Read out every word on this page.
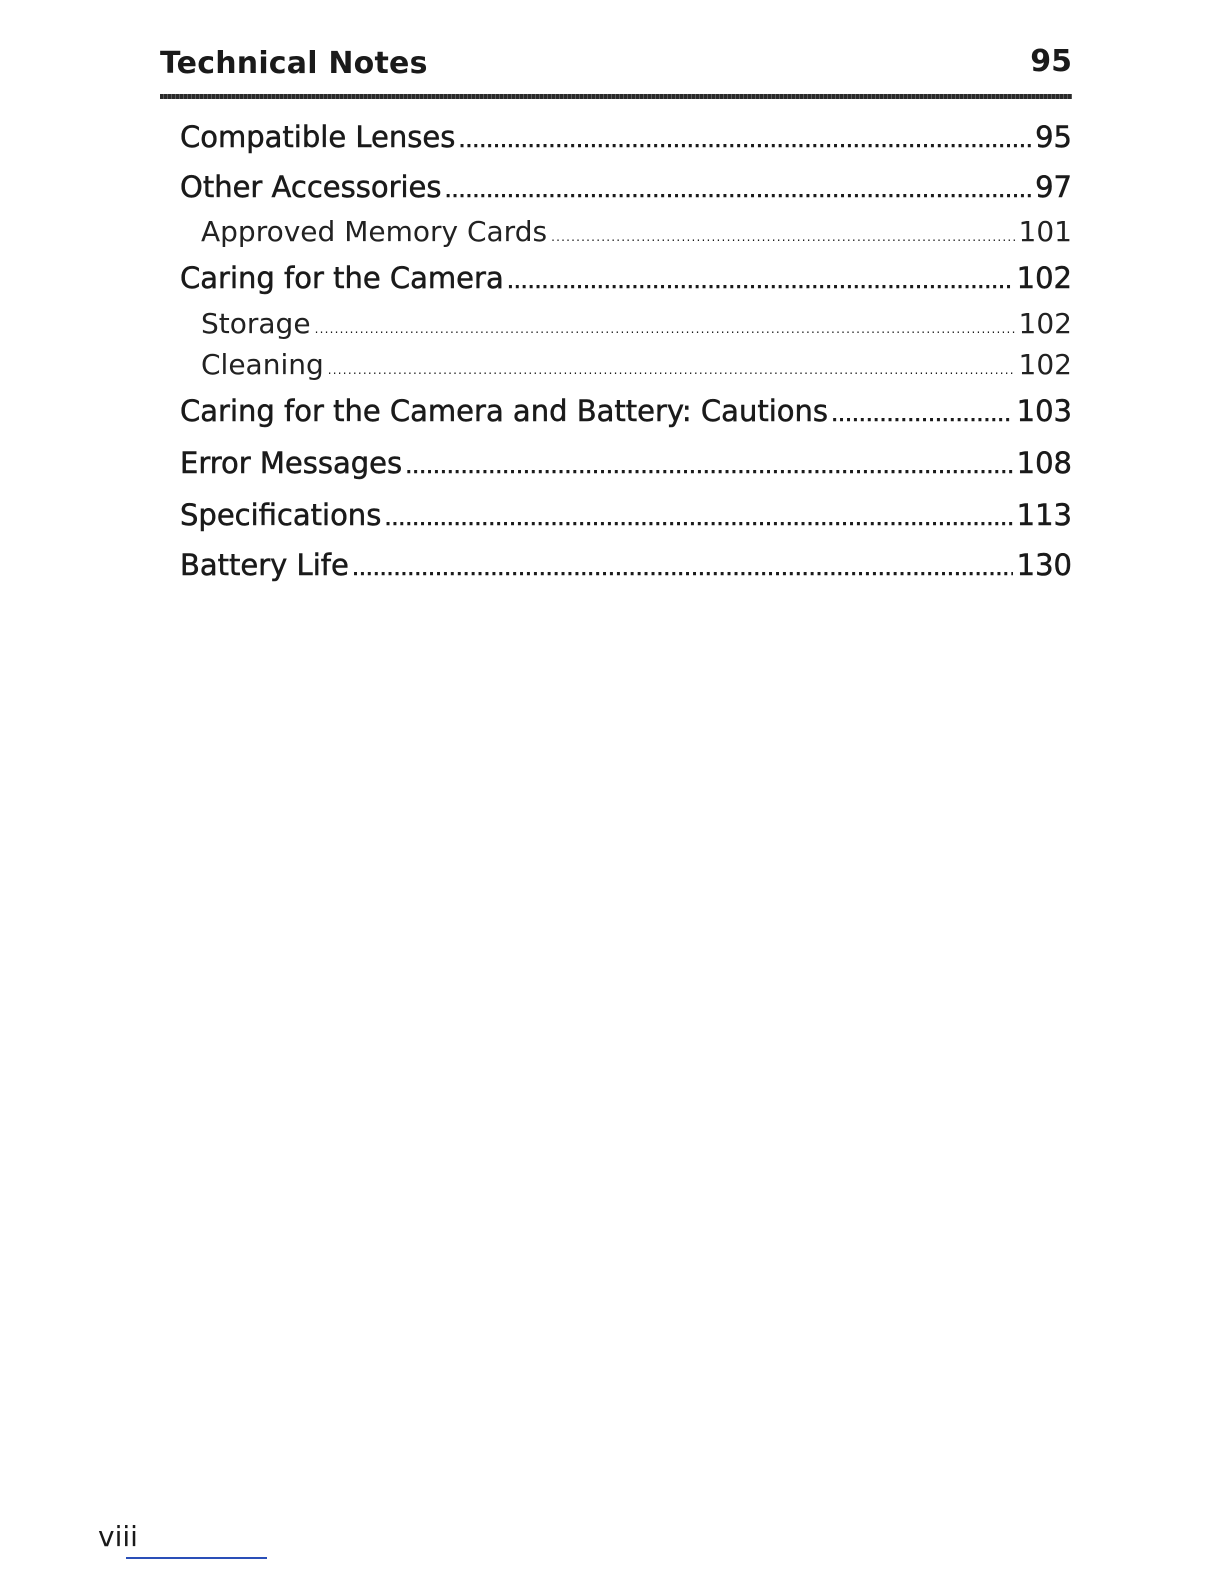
Technical Notes	95
Compatible Lenses .....	95
Other Accessories .....	97
Approved Memory Cards .....	101
Caring for the Camera .....	102
Storage .....	102
Cleaning .....	102
Caring for the Camera and Battery: Cautions .....	103
Error Messages .....	108
Specifications .....	113
Battery Life .....	130
viii
